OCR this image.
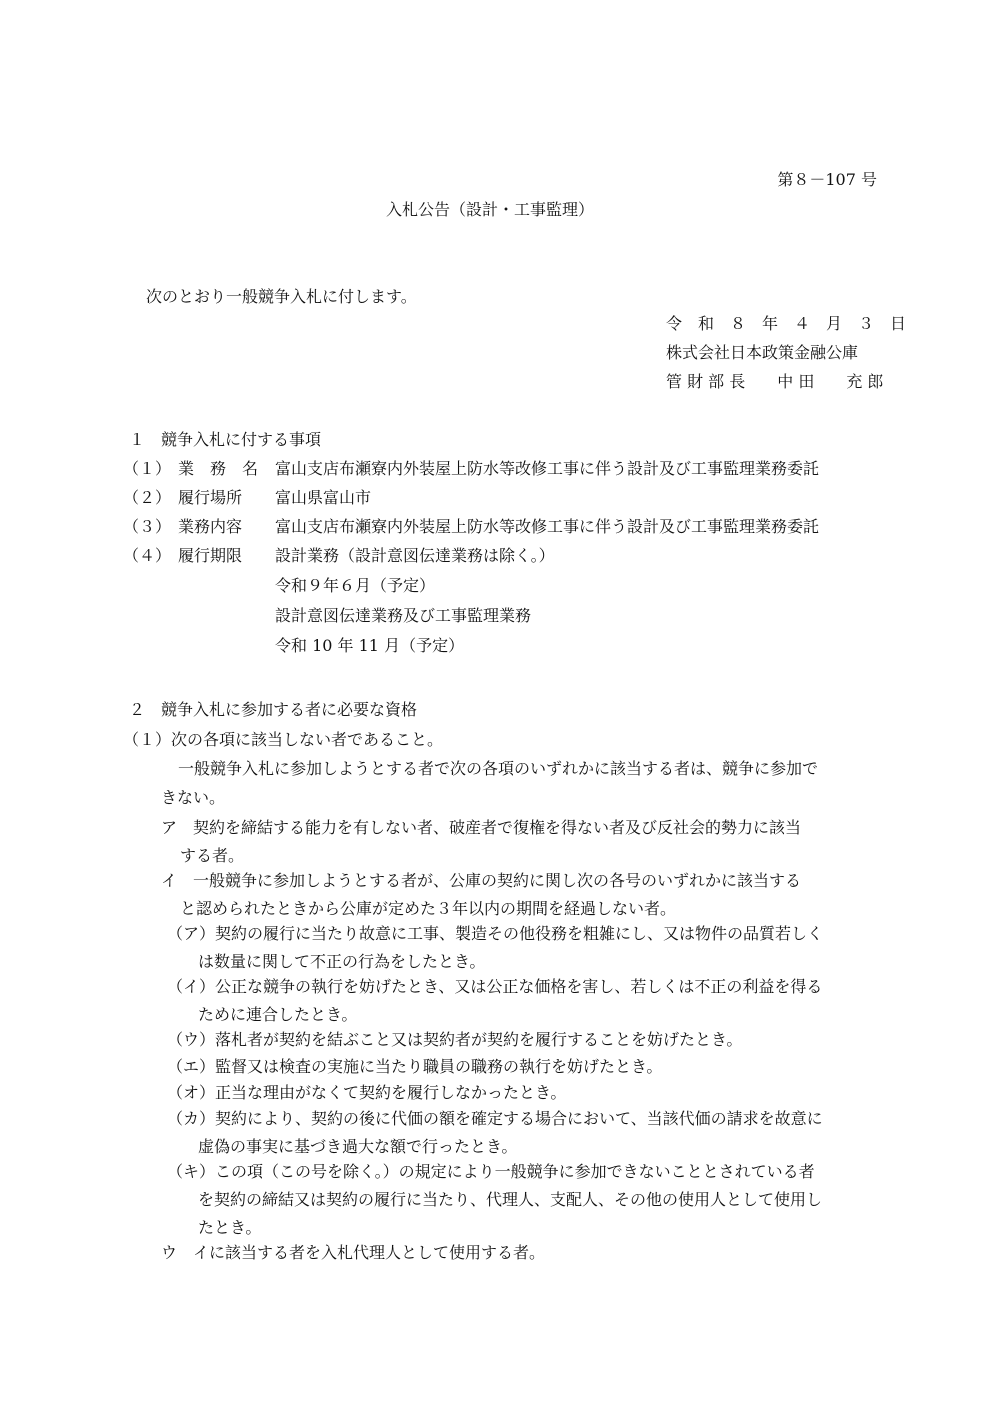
第８－107 号
入札公告（設計・工事監理）
次のとおり一般競争入札に付します。
令　和　８　年　４　月　３　日
株式会社日本政策金融公庫
管 財 部 長　　中 田　　充 郎
１　競争入札に付する事項
（１） 業　務　名 富山支店布瀬寮内外装屋上防水等改修工事に伴う設計及び工事監理業務委託
（２） 履行場所 富山県富山市
（３） 業務内容 富山支店布瀬寮内外装屋上防水等改修工事に伴う設計及び工事監理業務委託
（４） 履行期限 設計業務（設計意図伝達業務は除く。）
令和９年６月（予定）
設計意図伝達業務及び工事監理業務
令和 10 年 11 月（予定）
２　競争入札に参加する者に必要な資格
（１）次の各項に該当しない者であること。
一般競争入札に参加しようとする者で次の各項のいずれかに該当する者は、競争に参加で
きない。
ア　契約を締結する能力を有しない者、破産者で復権を得ない者及び反社会的勢力に該当
する者。
イ　一般競争に参加しようとする者が、公庫の契約に関し次の各号のいずれかに該当する
と認められたときから公庫が定めた３年以内の期間を経過しない者。
（ア）契約の履行に当たり故意に工事、製造その他役務を粗雑にし、又は物件の品質若しく
は数量に関して不正の行為をしたとき。
（イ）公正な競争の執行を妨げたとき、又は公正な価格を害し、若しくは不正の利益を得る
ために連合したとき。
（ウ）落札者が契約を結ぶこと又は契約者が契約を履行することを妨げたとき。
（エ）監督又は検査の実施に当たり職員の職務の執行を妨げたとき。
（オ）正当な理由がなくて契約を履行しなかったとき。
（カ）契約により、契約の後に代価の額を確定する場合において、当該代価の請求を故意に
虚偽の事実に基づき過大な額で行ったとき。
（キ）この項（この号を除く。）の規定により一般競争に参加できないこととされている者
を契約の締結又は契約の履行に当たり、代理人、支配人、その他の使用人として使用し
たとき。
ウ　イに該当する者を入札代理人として使用する者。
